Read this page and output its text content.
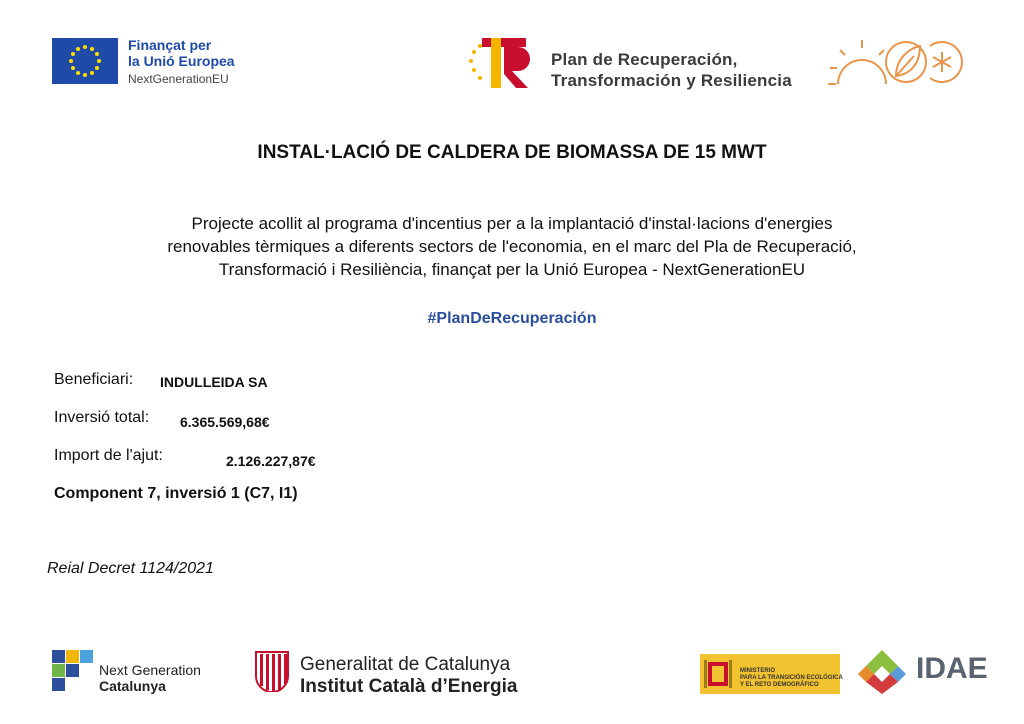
Finançat per
la Unió Europea
NextGenerationEU
Plan de Recuperación,
Transformación y Resiliencia
INSTAL·LACIÓ DE CALDERA DE BIOMASSA DE 15 MWT
Projecte acollit al programa d'incentius per a la implantació d'instal·lacions d'energies
renovables tèrmiques a diferents sectors de l'economia, en el marc del Pla de Recuperació,
Transformació i Resiliència, finançat per la Unió Europea - NextGenerationEU
#PlanDeRecuperación
Beneficiari: INDULLEIDA SA
Inversió total: 6.365.569,68€
Import de l'ajut:	2.126.227,87€
Component 7, inversió 1 (C7, I1)
Reial Decret 1124/2021
Next Generation
Catalunya
Generalitat de Catalunya
Institut Català d’Energia
MINISTERIO
PARA LA TRANSICIÓN ECOLÓGICA
Y EL RETO DEMOGRÁFICO	IDAE
